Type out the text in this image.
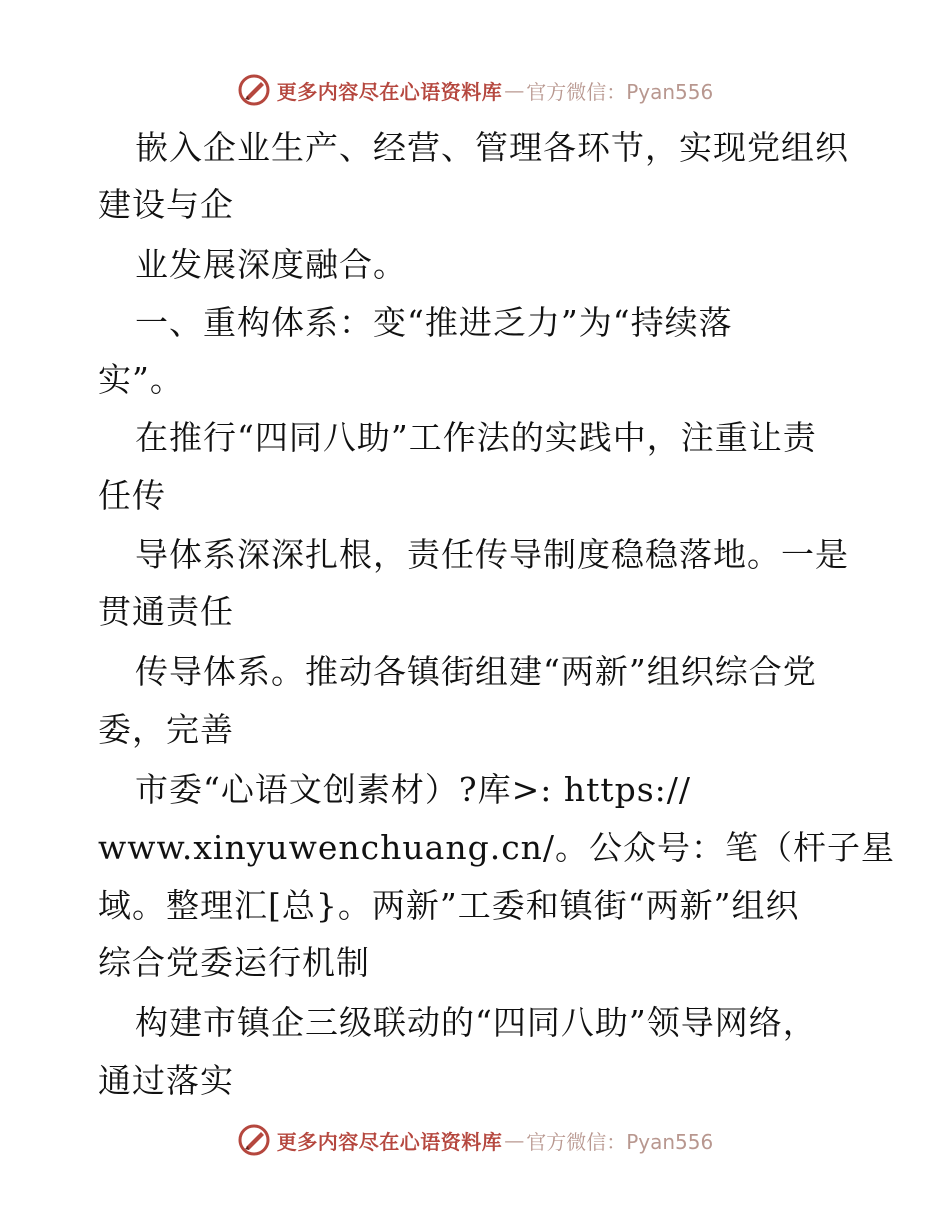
更多内容尽在心语资料库 — 官方微信：Pyan556
嵌入企业生产、经营、管理各环节，实现党组织
建设与企
业发展深度融合。
一、重构体系：变“推进乏力”为“持续落
实”。
在推行“四同八助”工作法的实践中，注重让责
任传
导体系深深扎根，责任传导制度稳稳落地。一是
贯通责任
传导体系。推动各镇街组建“两新”组织综合党
委，完善
市委“心语文创素材）?库>: https://
www.xinyuwenchuang.cn/。公众号：笔（杆子星
域。整理汇[总}。两新”工委和镇街“两新”组织
综合党委运行机制
构建市镇企三级联动的“四同八助”领导网络，
通过落实
更多内容尽在心语资料库 — 官方微信：Pyan556
